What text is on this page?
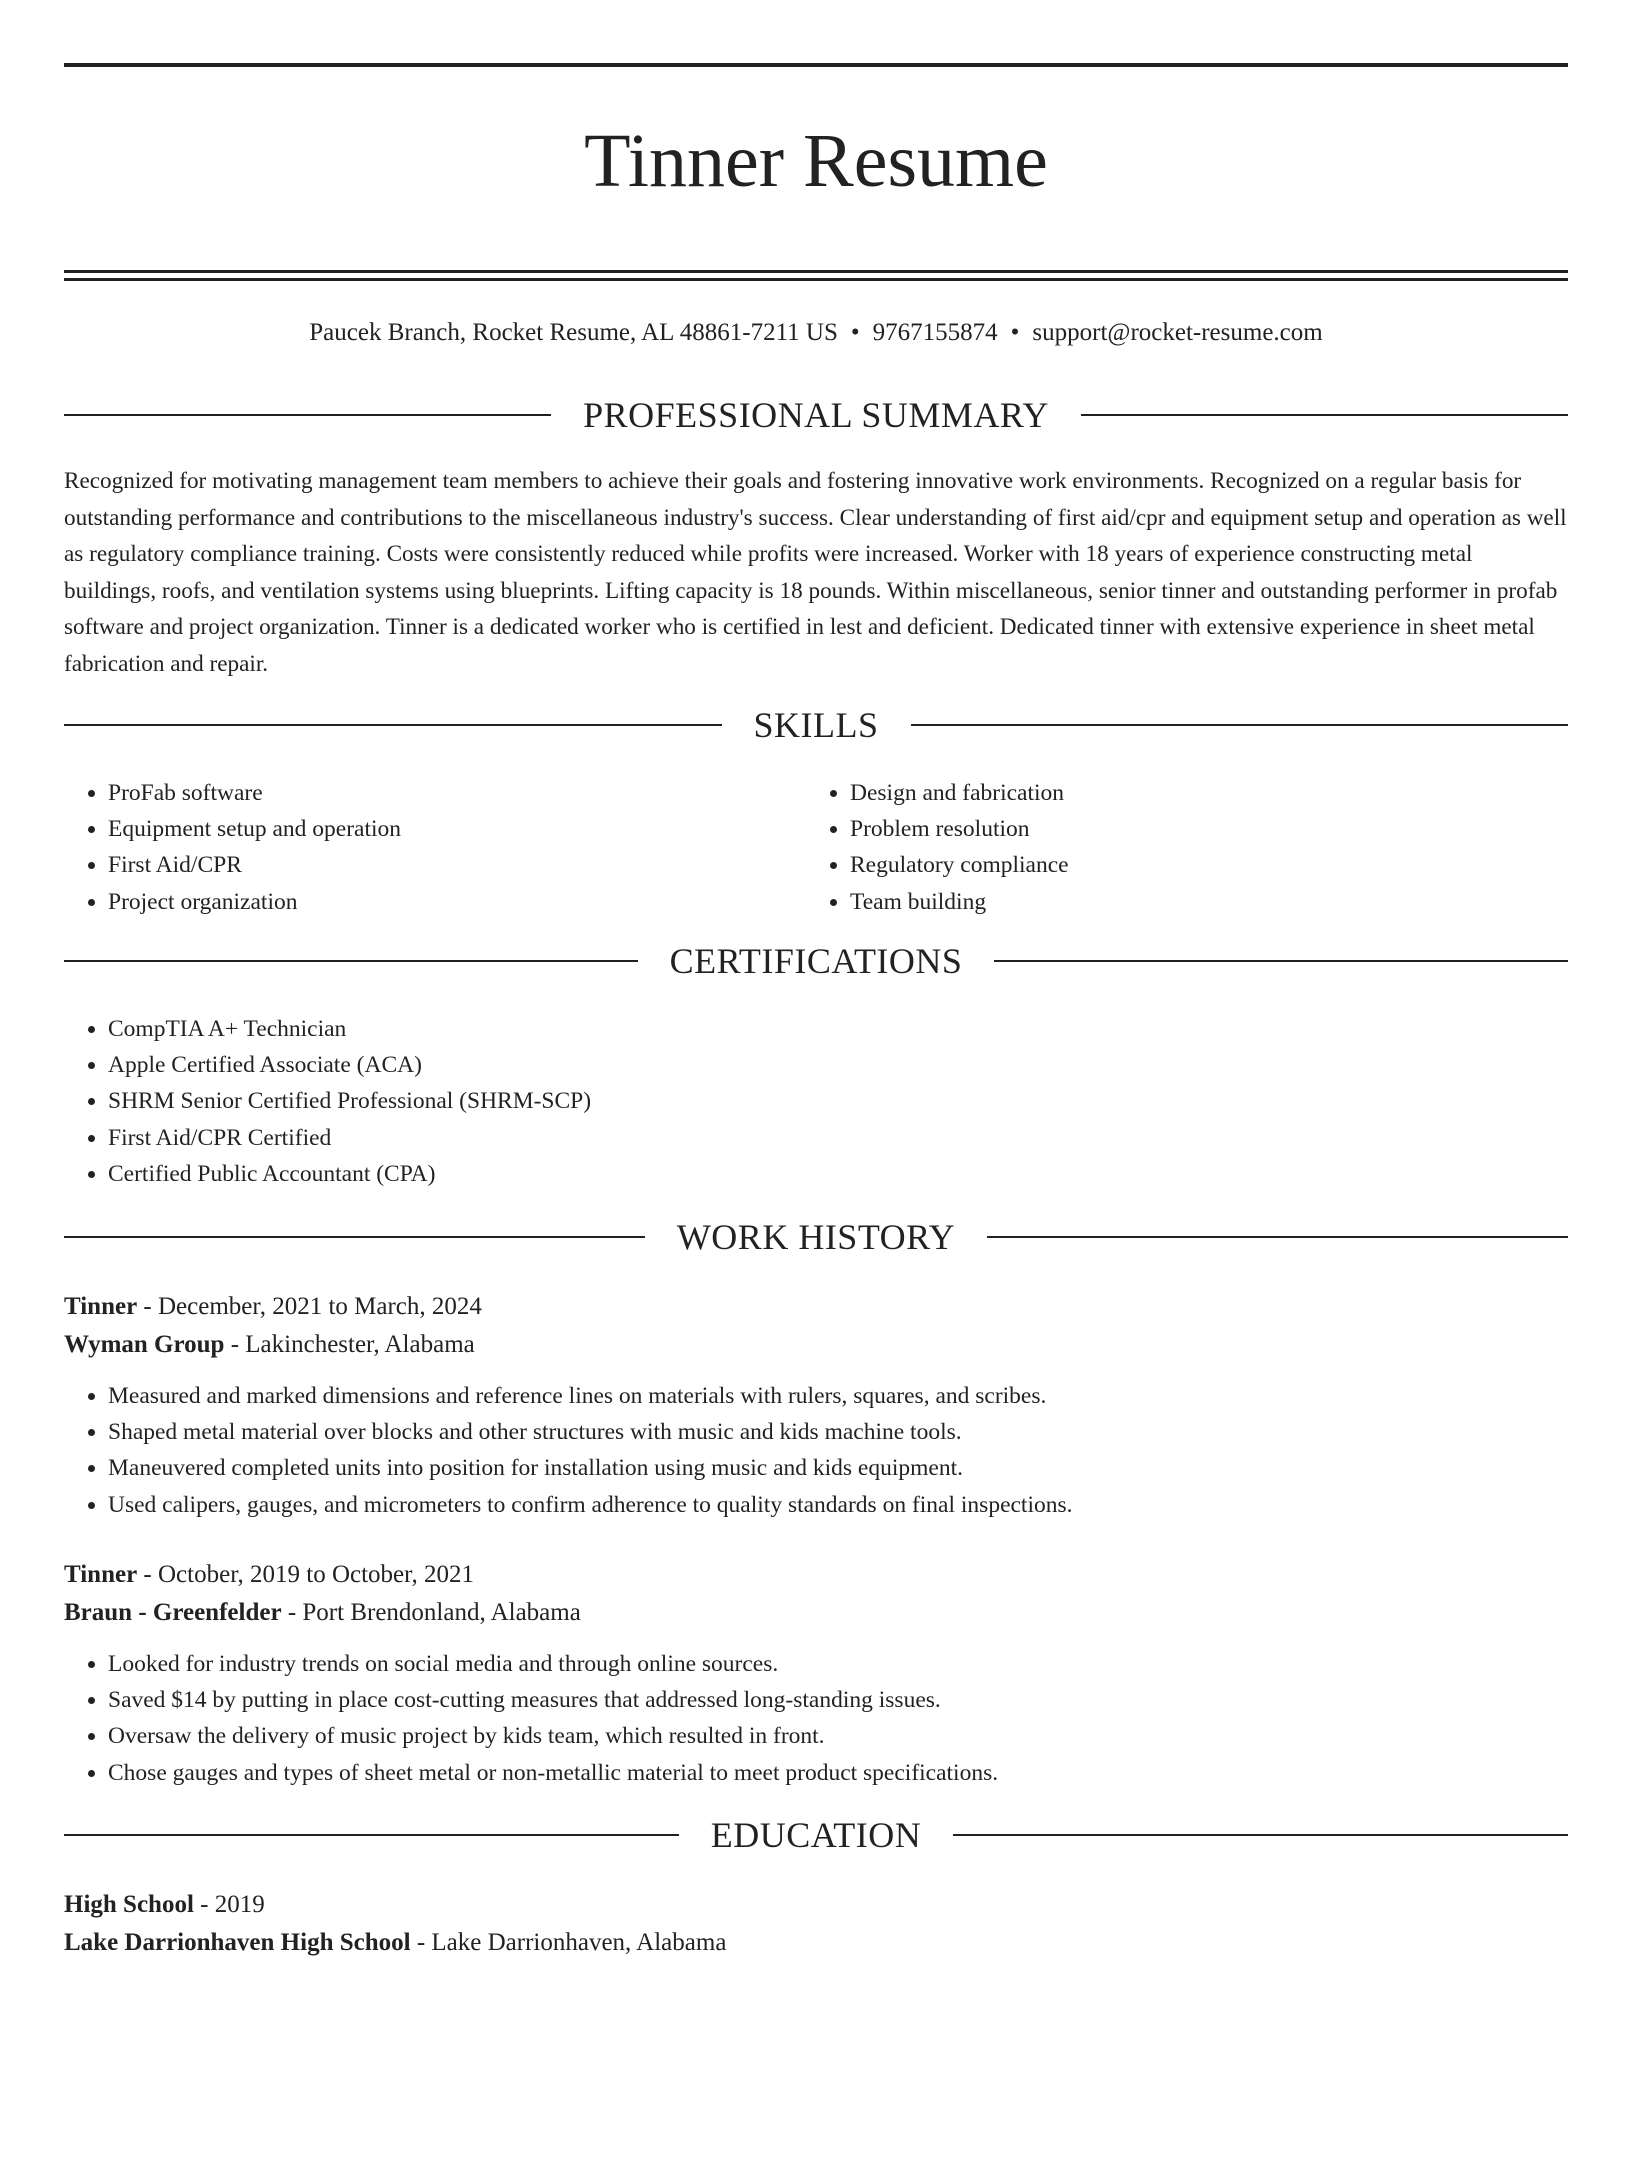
Tinner Resume
Paucek Branch, Rocket Resume, AL 48861-7211 US • 9767155874 • support@rocket-resume.com
PROFESSIONAL SUMMARY

Recognized for motivating management team members to achieve their goals and fostering innovative work environments. Recognized on a regular basis for outstanding performance and contributions to the miscellaneous industry's success. Clear understanding of first aid/cpr and equipment setup and operation as well as regulatory compliance training. Costs were consistently reduced while profits were increased. Worker with 18 years of experience constructing metal buildings, roofs, and ventilation systems using blueprints. Lifting capacity is 18 pounds. Within miscellaneous, senior tinner and outstanding performer in profab software and project organization. Tinner is a dedicated worker who is certified in lest and deficient. Dedicated tinner with extensive experience in sheet metal fabrication and repair.

SKILLS
• ProFab software
• Equipment setup and operation
• First Aid/CPR
• Project organization
• Design and fabrication
• Problem resolution
• Regulatory compliance
• Team building
CERTIFICATIONS
• CompTIA A+ Technician
• Apple Certified Associate (ACA)
• SHRM Senior Certified Professional (SHRM-SCP)
• First Aid/CPR Certified
• Certified Public Accountant (CPA)
WORK HISTORY

Tinner - December, 2021 to March, 2024

Wyman Group - Lakinchester, Alabama

• Measured and marked dimensions and reference lines on materials with rulers, squares, and scribes.
• Shaped metal material over blocks and other structures with music and kids machine tools.
• Maneuvered completed units into position for installation using music and kids equipment.
• Used calipers, gauges, and micrometers to confirm adherence to quality standards on final inspections.

Tinner - October, 2019 to October, 2021

Braun - Greenfelder - Port Brendonland, Alabama

• Looked for industry trends on social media and through online sources.
• Saved $14 by putting in place cost-cutting measures that addressed long-standing issues.
• Oversaw the delivery of music project by kids team, which resulted in front.
• Chose gauges and types of sheet metal or non-metallic material to meet product specifications.
EDUCATION

High School - 2019

Lake Darrionhaven High School - Lake Darrionhaven, Alabama
